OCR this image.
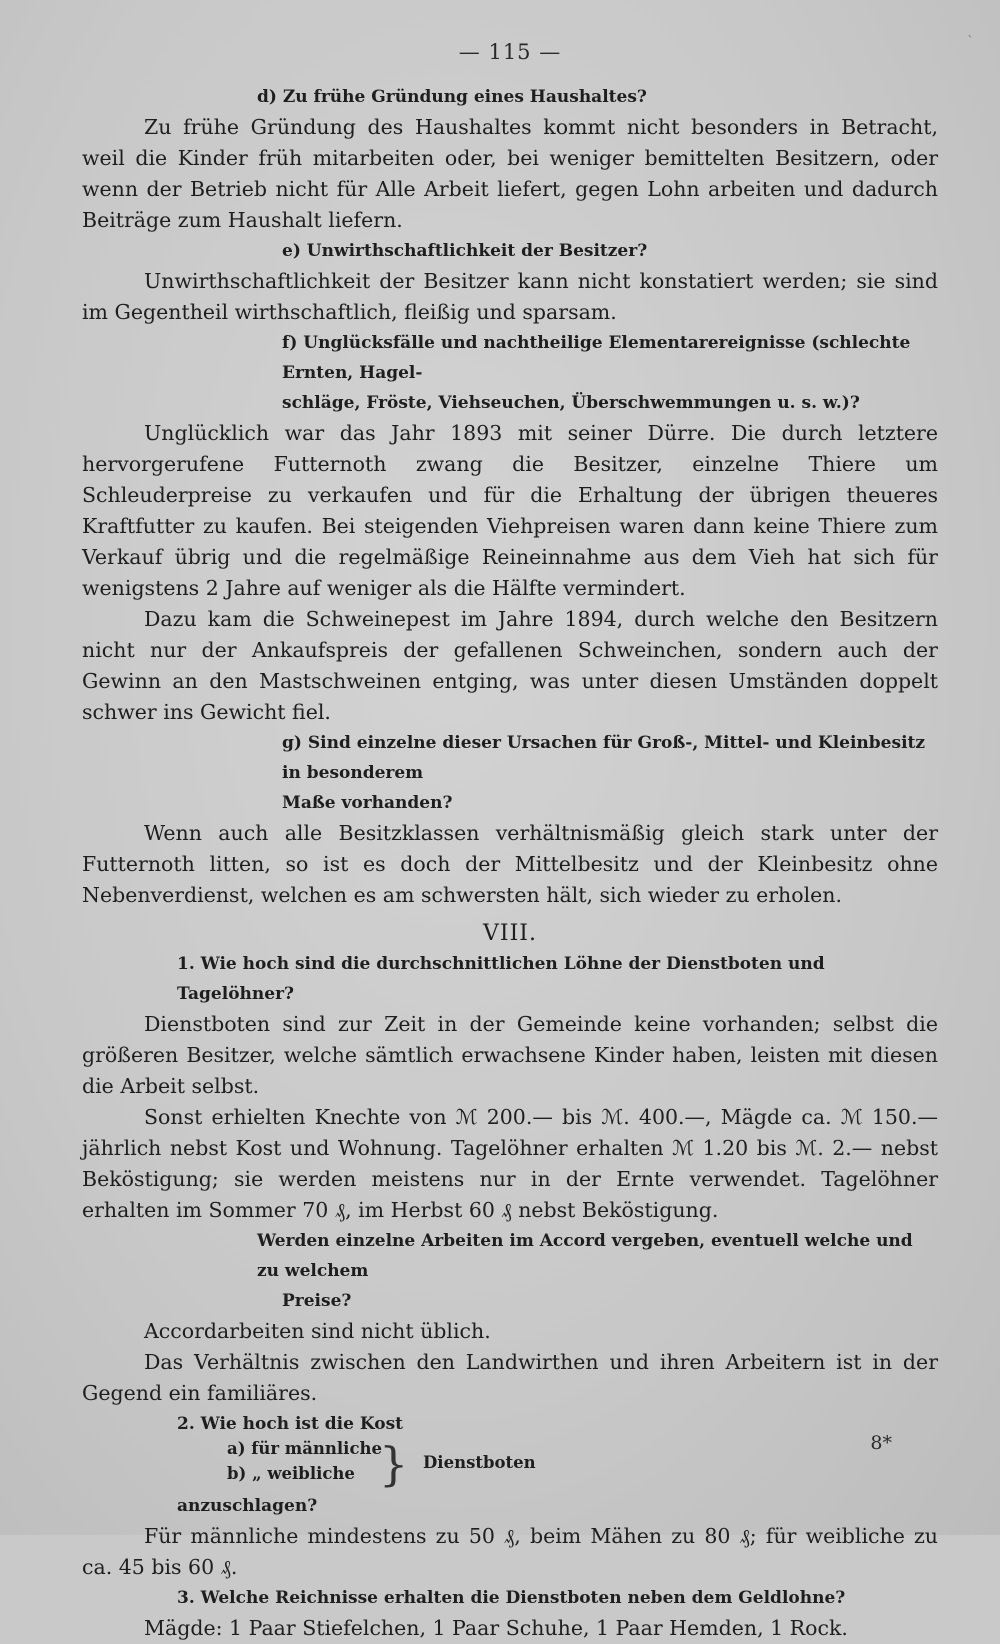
`
— 115 —

d) Zu frühe Gründung eines Haushaltes?

Zu frühe Gründung des Haushaltes kommt nicht besonders in Betracht, weil die Kinder früh mitarbeiten oder, bei weniger bemittelten Besitzern, oder wenn der Betrieb nicht für Alle Arbeit liefert, gegen Lohn arbeiten und dadurch Beiträge zum Haushalt liefern.

e) Unwirthschaftlichkeit der Besitzer?

Unwirthschaftlichkeit der Besitzer kann nicht konstatiert werden; sie sind im Gegentheil wirthschaftlich, fleißig und sparsam.

f) Unglücksfälle und nachtheilige Elementarereignisse (schlechte Ernten, Hagel-

schläge, Fröste, Viehseuchen, Überschwemmungen u. s. w.)?

Unglücklich war das Jahr 1893 mit seiner Dürre. Die durch letztere hervorgerufene Futternoth zwang die Besitzer, einzelne Thiere um Schleuderpreise zu verkaufen und für die Erhaltung der übrigen theueres Kraftfutter zu kaufen. Bei steigenden Viehpreisen waren dann keine Thiere zum Verkauf übrig und die regelmäßige Reineinnahme aus dem Vieh hat sich für wenigstens 2 Jahre auf weniger als die Hälfte vermindert.

Dazu kam die Schweinepest im Jahre 1894, durch welche den Besitzern nicht nur der Ankaufspreis der gefallenen Schweinchen, sondern auch der Gewinn an den Mastschweinen entging, was unter diesen Umständen doppelt schwer ins Gewicht fiel.

g) Sind einzelne dieser Ursachen für Groß-, Mittel- und Kleinbesitz in besonderem

Maße vorhanden?

Wenn auch alle Besitzklassen verhältnismäßig gleich stark unter der Futternoth litten, so ist es doch der Mittelbesitz und der Kleinbesitz ohne Nebenverdienst, welchen es am schwersten hält, sich wieder zu erholen.

VIII.

1. Wie hoch sind die durchschnittlichen Löhne der Dienstboten und Tagelöhner?

Dienstboten sind zur Zeit in der Gemeinde keine vorhanden; selbst die größeren Besitzer, welche sämtlich erwachsene Kinder haben, leisten mit diesen die Arbeit selbst.

Sonst erhielten Knechte von ℳ 200.— bis ℳ. 400.—, Mägde ca. ℳ 150.— jährlich nebst Kost und Wohnung. Tagelöhner erhalten ℳ 1.20 bis ℳ. 2.— nebst Beköstigung; sie werden meistens nur in der Ernte verwendet. Tagelöhner erhalten im Sommer 70 ₰, im Herbst 60 ₰ nebst Beköstigung.

Werden einzelne Arbeiten im Accord vergeben, eventuell welche und zu welchem

Preise?

Accordarbeiten sind nicht üblich.

Das Verhältnis zwischen den Landwirthen und ihren Arbeitern ist in der Gegend ein familiäres.

2. Wie hoch ist die Kost

a) für männliche
b) „ weibliche } Dienstboten

anzuschlagen?

Für männliche mindestens zu 50 ₰, beim Mähen zu 80 ₰; für weibliche zu ca. 45 bis 60 ₰.

3. Welche Reichnisse erhalten die Dienstboten neben dem Geldlohne?

Mägde: 1 Paar Stiefelchen, 1 Paar Schuhe, 1 Paar Hemden, 1 Rock.

8*
